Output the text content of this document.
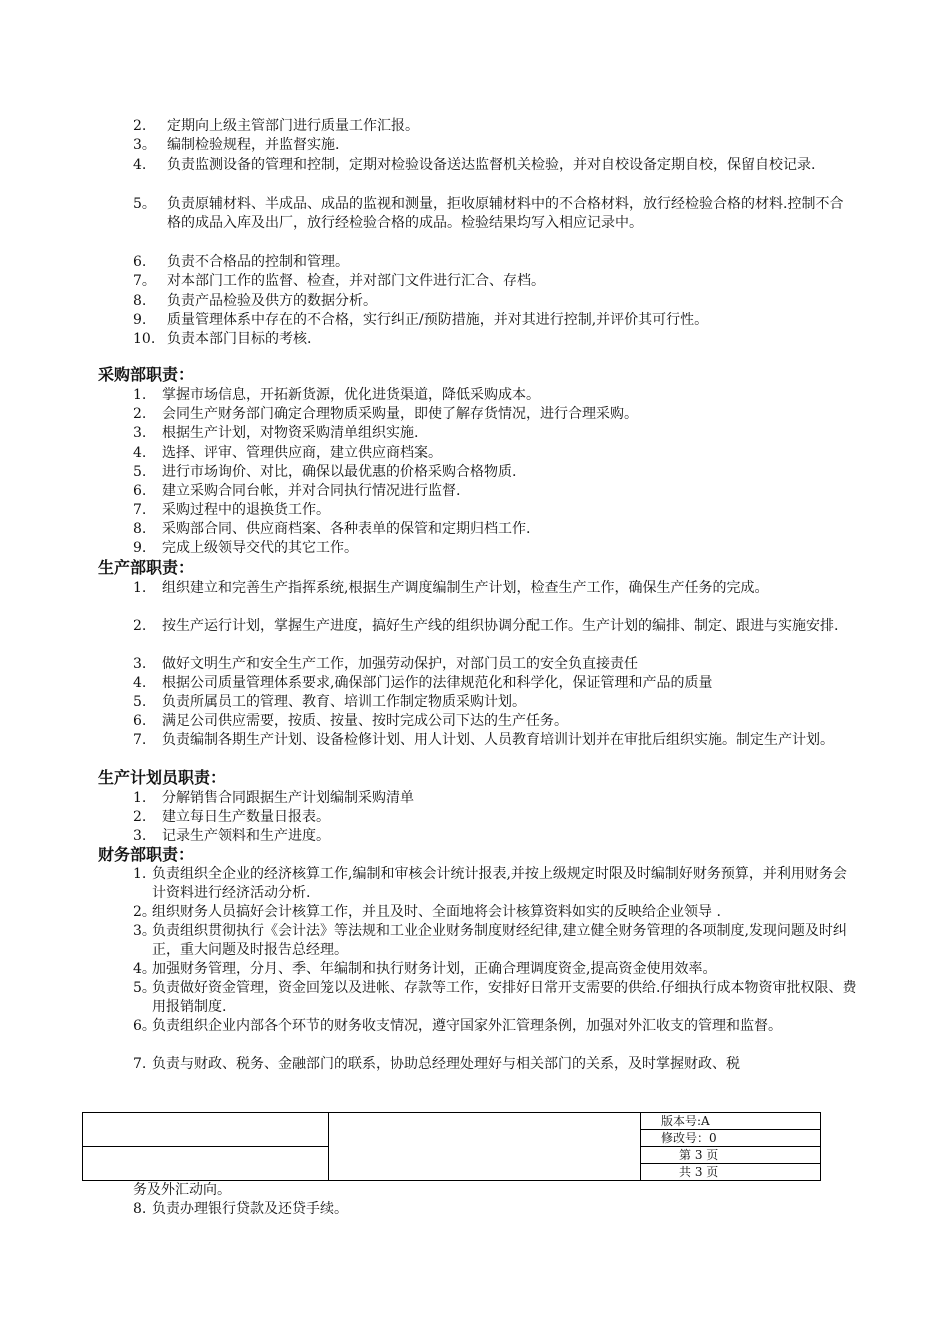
2. 定期向上级主管部门进行质量工作汇报。
3。 编制检验规程，并监督实施.
4. 负责监测设备的管理和控制，定期对检验设备送达监督机关检验，并对自校设备定期自校，保留自校记录.
5。 负责原辅材料、半成品、成品的监视和测量，拒收原辅材料中的不合格材料，放行经检验合格的材料.控制不合格的成品入库及出厂，放行经检验合格的成品。检验结果均写入相应记录中。
6. 负责不合格品的控制和管理。
7。 对本部门工作的监督、检查，并对部门文件进行汇合、存档。
8. 负责产品检验及供方的数据分析。
9. 质量管理体系中存在的不合格，实行纠正/预防措施，并对其进行控制,并评价其可行性。
10. 负责本部门目标的考核.
采购部职责：
1. 掌握市场信息，开拓新货源，优化进货渠道，降低采购成本。
2. 会同生产财务部门确定合理物质采购量，即使了解存货情况，进行合理采购。
3. 根据生产计划，对物资采购清单组织实施.
4. 选择、评审、管理供应商，建立供应商档案。
5. 进行市场询价、对比，确保以最优惠的价格采购合格物质.
6. 建立采购合同台帐，并对合同执行情况进行监督.
7. 采购过程中的退换货工作。
8. 采购部合同、供应商档案、各种表单的保管和定期归档工作.
9. 完成上级领导交代的其它工作。
生产部职责：
1. 组织建立和完善生产指挥系统,根据生产调度编制生产计划，检查生产工作，确保生产任务的完成。
2. 按生产运行计划，掌握生产进度，搞好生产线的组织协调分配工作。生产计划的编排、制定、跟进与实施安排.
3. 做好文明生产和安全生产工作，加强劳动保护，对部门员工的安全负直接责任
4. 根据公司质量管理体系要求,确保部门运作的法律规范化和科学化，保证管理和产品的质量
5. 负责所属员工的管理、教育、培训工作制定物质采购计划。
6. 满足公司供应需要，按质、按量、按时完成公司下达的生产任务。
7. 负责编制各期生产计划、设备检修计划、用人计划、人员教育培训计划并在审批后组织实施。制定生产计划。
生产计划员职责：
1. 分解销售合同跟据生产计划编制采购清单
2. 建立每日生产数量日报表。
3. 记录生产领料和生产进度。
财务部职责：
1. 负责组织全企业的经济核算工作,编制和审核会计统计报表,并按上级规定时限及时编制好财务预算，并利用财务会计资料进行经济活动分析.
2。
组织财务人员搞好会计核算工作，并且及时、全面地将会计核算资料如实的反映给企业领导 .
3。
负责组织贯彻执行《会计法》等法规和工业企业财务制度财经纪律,建立健全财务管理的各项制度,发现问题及时纠正，重大问题及时报告总经理。
4。
加强财务管理，分月、季、年编制和执行财务计划，正确合理调度资金,提高资金使用效率。
5。
负责做好资金管理，资金回笼以及进帐、存款等工作，安排好日常开支需要的供给.仔细执行成本物资审批权限、费用报销制度.
6。
负责组织企业内部各个环节的财务收支情况，遵守国家外汇管理条例，加强对外汇收支的管理和监督。
7. 负责与财政、税务、金融部门的联系，协助总经理处理好与相关部门的关系，及时掌握财政、税
		版本号:A
		修改号：0
		第 3 页
		共 3 页
务及外汇动向。
8. 负责办理银行贷款及还贷手续。
